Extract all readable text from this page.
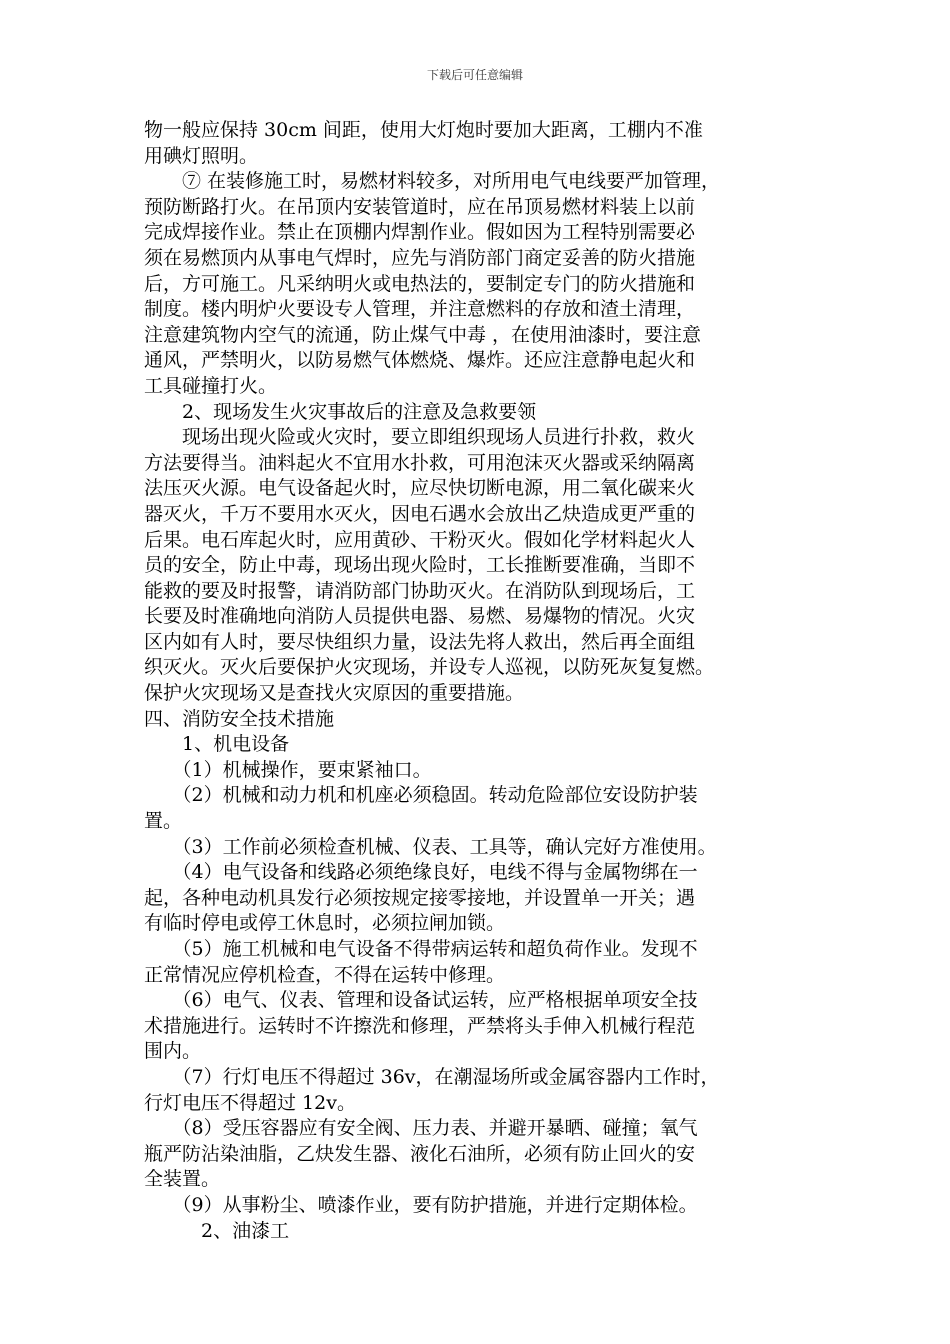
下载后可任意编辑

物一般应保持 30cm 间距，使用大灯炮时要加大距离，工棚内不准

用碘灯照明。

　　⑦ 在装修施工时，易燃材料较多，对所用电气电线要严加管理，

预防断路打火。在吊顶内安装管道时，应在吊顶易燃材料装上以前

完成焊接作业。禁止在顶棚内焊割作业。假如因为工程特别需要必

须在易燃顶内从事电气焊时，应先与消防部门商定妥善的防火措施

后，方可施工。凡采纳明火或电热法的，要制定专门的防火措施和

制度。楼内明炉火要设专人管理，并注意燃料的存放和渣土清理，

注意建筑物内空气的流通，防止煤气中毒 ，在使用油漆时，要注意

通风，严禁明火，以防易燃气体燃烧、爆炸。还应注意静电起火和

工具碰撞打火。

　　2、现场发生火灾事故后的注意及急救要领

　　现场出现火险或火灾时，要立即组织现场人员进行扑救，救火

方法要得当。油料起火不宜用水扑救，可用泡沫灭火器或采纳隔离

法压灭火源。电气设备起火时，应尽快切断电源，用二氧化碳来火

器灭火，千万不要用水灭火，因电石遇水会放出乙炔造成更严重的

后果。电石库起火时，应用黄砂、干粉灭火。假如化学材料起火人

员的安全，防止中毒，现场出现火险时，工长推断要准确，当即不

能救的要及时报警，请消防部门协助灭火。在消防队到现场后，工

长要及时准确地向消防人员提供电器、易燃、易爆物的情况。火灾

区内如有人时，要尽快组织力量，设法先将人救出，然后再全面组

织灭火。灭火后要保护火灾现场，并设专人巡视，以防死灰复复燃。

保护火灾现场又是查找火灾原因的重要措施。

四、消防安全技术措施

　　1、机电设备

　　（1）机械操作，要束紧袖口。

　　（2）机械和动力机和机座必须稳固。转动危险部位安设防护装

置。

　　（3）工作前必须检查机械、仪表、工具等，确认完好方准使用。

　　（4）电气设备和线路必须绝缘良好，电线不得与金属物绑在一

起，各种电动机具发行必须按规定接零接地，并设置单一开关；遇

有临时停电或停工休息时，必须拉闸加锁。

　　（5）施工机械和电气设备不得带病运转和超负荷作业。发现不

正常情况应停机检查，不得在运转中修理。

　　（6）电气、仪表、管理和设备试运转，应严格根据单项安全技

术措施进行。运转时不许擦洗和修理，严禁将头手伸入机械行程范

围内。

　　（7）行灯电压不得超过 36v，在潮湿场所或金属容器内工作时，

行灯电压不得超过 12v。

　　（8）受压容器应有安全阀、压力表、并避开暴晒、碰撞；氧气

瓶严防沾染油脂，乙炔发生器、液化石油所，必须有防止回火的安

全装置。

　　（9）从事粉尘、喷漆作业，要有防护措施，并进行定期体检。

　　　2、油漆工
